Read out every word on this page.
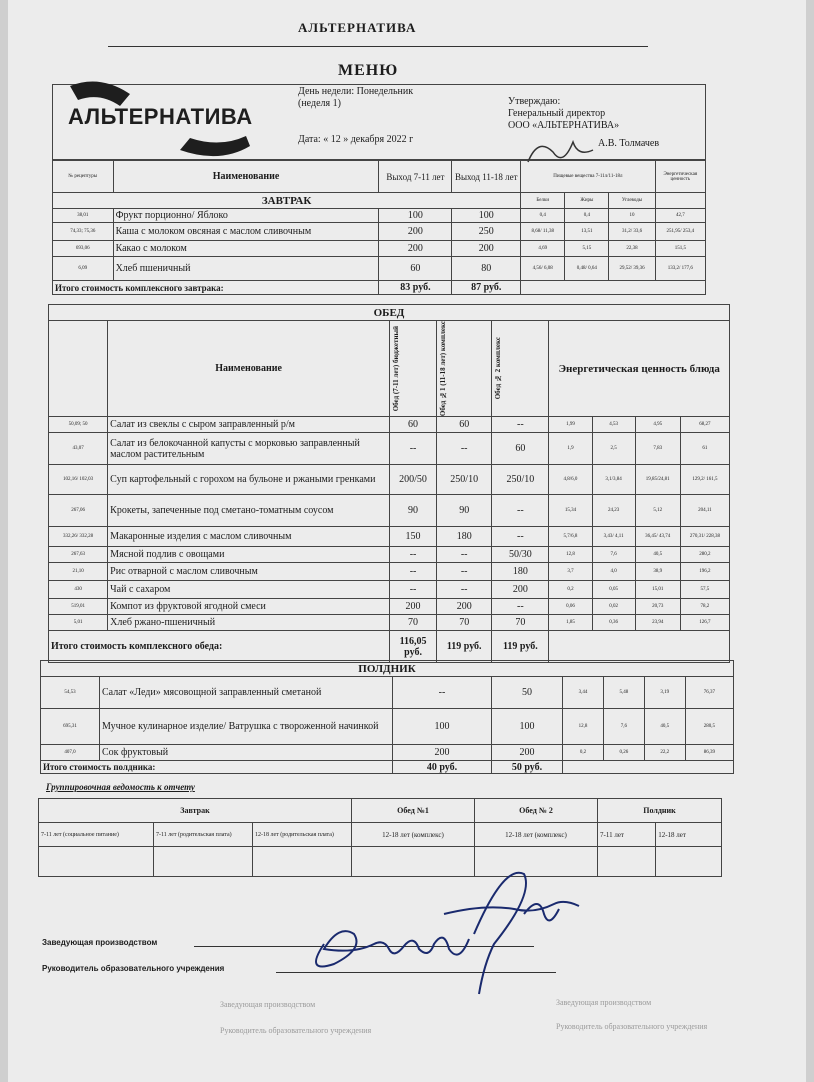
АЛЬТЕРНАТИВА
МЕНЮ
АЛЬТЕРНАТИВА
День недели: Понедельник
(неделя 1)
Дата: « 12 » декабря 2022 г
Утверждаю:
Генеральный директор
ООО «АЛЬТЕРНАТИВА»
А.В. Толмачев
№ рецептуры	Наименование	Выход 7-11 лет	Выход 11-18 лет	Пищевые вещества 7-11л/11-18л			Энергетическая ценность
ЗАВТРАК				Белки	Жиры	Углеводы	
38,01	Фрукт порционно/ Яблоко	100	100	0,4	0,4	10	42,7
74,33; 75,36	Каша с молоком овсяная с маслом сливочным	200	250	8,68/ 11,38	13,51	31,2/ 33,6	251,95/ 253,4
693,06	Какао с молоком	200	200	4,69	5,15	22,38	151,5
6,09	Хлеб пшеничный	60	80	4,56/ 6,08	0,48/ 0,64	29,52/ 39,36	133,2/ 177,6
Итого стоимость комплексного завтрака:		83 руб.	87 руб.				
ОБЕД								
	Наименование	Обед (7-11 лет) бюджетный	Обед №1 (11-18 лет) комплекс	Обед № 2 комплекс	Энергетическая ценность блюда			
50,09; 50	Салат из свеклы с сыром заправленный р/м	60	60	--	1,99	4,53	4,95	68,27
43,07	Салат из белокочанной капусты с морковью заправленный маслом растительным	--	--	60	1,9	2,5	7,83	61
102,16/ 102,03	Суп картофельный с горохом на бульоне и ржаными гренками	200/50	250/10	250/10	4,8/6,0	3,1/3,84	19,85/24,81	129,2/ 161,5
267,06	Крокеты, запеченные под сметано-томатным соусом	90	90	--	15,34	24,23	5,12	204,11
332,26/ 332,28	Макаронные изделия с маслом сливочным	150	180	--	5,7/6,8	3,43/ 4,11	36,45/ 43,74	270,31/ 228,38
267,63	Мясной подлив с овощами	--	--	50/30	12,8	7,6	40,5	280,2
21,10	Рис отварной с маслом сливочным	--	--	180	3,7	4,0	38,9	196,2
430	Чай с сахаром	--	--	200	0,2	0,05	15,01	57,5
519,01	Компот из фруктовой ягодной смеси	200	200	--	0,06	0,02	20,73	78,2
5,01	Хлеб ржано-пшеничный	70	70	70	1,85	0,36	23,94	126,7
Итого стоимость комплексного обеда:		116,05 руб.	119 руб.	119 руб.				
ПОЛДНИК							
54,53	Салат «Леди» мясовощной заправленный сметаной	--	50	3,44	5,48	3,19	76,37
695,31	Мучное кулинарное изделие/ Ватрушка с твороженной начинкой	100	100	12,8	7,6	40,5	280,5
407,0	Сок фруктовый	200	200	0,2	0,26	22,2	86,39
Итого стоимость полдника:		40 руб.	50 руб.				
Группировочная ведомость к отчету
Завтрак			Обед №1	Обед № 2	Полдник	
7-11 лет (социальное питание)	7-11 лет (родительская плата)	12-18 лет (родительская плата)	12-18 лет (комплекс)	12-18 лет (комплекс)	7-11 лет	12-18 лет

Заведующая производством
Руководитель образовательного учреждения
Заведующая производством	Заведующая производством
Руководитель образовательного учреждения	Руководитель образовательного учреждения
